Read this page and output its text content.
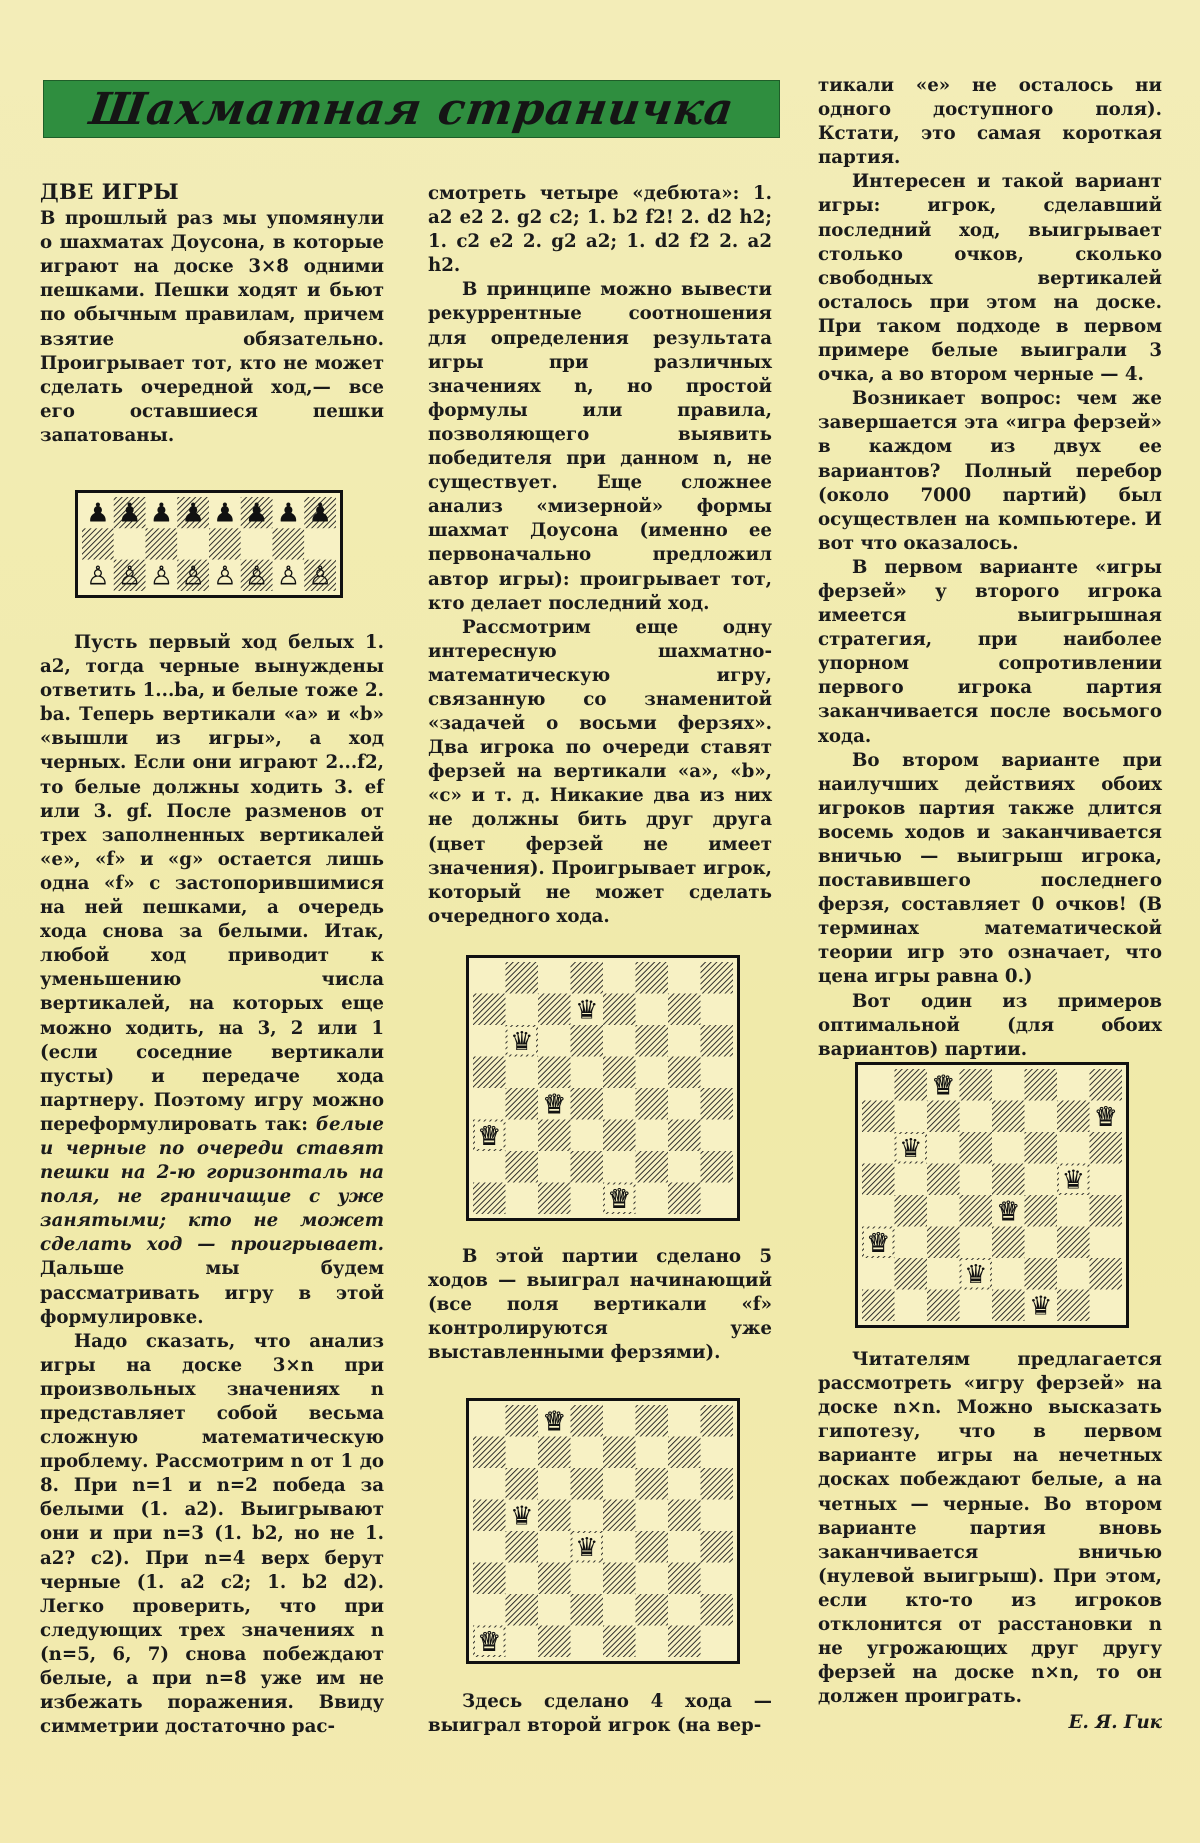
Шахматная страничка
ДВЕ ИГРЫ

В прошлый раз мы упомянули о шахматах Доусона, в которые играют на доске 3×8 одними пешками. Пешки ходят и бьют по обычным правилам, причем взятие обязательно. Проигрывает тот, кто не может сделать очередной ход,— все его оставшиеся пешки запатованы.

♟ ♟ ♟ ♟ ♟ ♟ ♟ ♟
♙ ♙ ♙ ♙ ♙ ♙ ♙ ♙

Пусть первый ход белых 1. a2, тогда черные вынуждены ответить 1...ba, и белые тоже 2. ba. Теперь вертикали «a» и «b» «вышли из игры», а ход черных. Если они играют 2...f2, то белые должны ходить 3. ef или 3. gf. После разменов от трех заполненных вертикалей «e», «f» и «g» остается лишь одна «f» с застопорившимися на ней пешками, а очередь хода снова за белыми. Итак, любой ход приводит к уменьшению числа вертикалей, на которых еще можно ходить, на 3, 2 или 1 (если соседние вертикали пусты) и передаче хода партнеру. Поэтому игру можно переформулировать так: белые и черные по очереди ставят пешки на 2-ю горизонталь на поля, не граничащие с уже занятыми; кто не может сделать ход — проигрывает. Дальше мы будем рассматривать игру в этой формулировке.

Надо сказать, что анализ игры на доске 3×n при произвольных значениях n представляет собой весьма сложную математическую проблему. Рассмотрим n от 1 до 8. При n=1 и n=2 победа за белыми (1. a2). Выигрывают они и при n=3 (1. b2, но не 1. a2? c2). При n=4 верх берут черные (1. a2 c2; 1. b2 d2). Легко проверить, что при следующих трех значениях n (n=5, 6, 7) снова побеждают белые, а при n=8 уже им не избежать поражения. Ввиду симметрии достаточно рас-

смотреть четыре «дебюта»: 1. a2 e2 2. g2 c2; 1. b2 f2! 2. d2 h2; 1. c2 e2 2. g2 a2; 1. d2 f2 2. a2 h2.

В принципе можно вывести рекуррентные соотношения для определения результата игры при различных значениях n, но простой формулы или правила, позволяющего выявить победителя при данном n, не существует. Еще сложнее анализ «мизерной» формы шахмат Доусона (именно ее первоначально предложил автор игры): проигрывает тот, кто делает последний ход.

Рассмотрим еще одну интересную шахматно-математическую игру, связанную со знаменитой «задачей о восьми ферзях». Два игрока по очереди ставят ферзей на вертикали «a», «b», «c» и т. д. Никакие два из них не должны бить друг друга (цвет ферзей не имеет значения). Проигрывает игрок, который не может сделать очередного хода.

♛
♛
♛
♛
♛

В этой партии сделано 5 ходов — выиграл начинающий (все поля вертикали «f» контролируются уже выставленными ферзями).

♛
♛
♛
♛

Здесь сделано 4 хода — выиграл второй игрок (на вер-

тикали «e» не осталось ни одного доступного поля). Кстати, это самая короткая партия.

Интересен и такой вариант игры: игрок, сделавший последний ход, выигрывает столько очков, сколько свободных вертикалей осталось при этом на доске. При таком подходе в первом примере белые выиграли 3 очка, а во втором черные — 4.

Возникает вопрос: чем же завершается эта «игра ферзей» в каждом из двух ее вариантов? Полный перебор (около 7000 партий) был осуществлен на компьютере. И вот что оказалось.

В первом варианте «игры ферзей» у второго игрока имеется выигрышная стратегия, при наиболее упорном сопротивлении первого игрока партия заканчивается после восьмого хода.

Во втором варианте при наилучших действиях обоих игроков партия также длится восемь ходов и заканчивается вничью — выигрыш игрока, поставившего последнего ферзя, составляет 0 очков! (В терминах математической теории игр это означает, что цена игры равна 0.)

Вот один из примеров оптимальной (для обоих вариантов) партии.

♛
♛
♛
♛
♛
♛
♛
♛

Читателям предлагается рассмотреть «игру ферзей» на доске n×n. Можно высказать гипотезу, что в первом варианте игры на нечетных досках побеждают белые, а на четных — черные. Во втором варианте партия вновь заканчивается вничью (нулевой выигрыш). При этом, если кто-то из игроков отклонится от расстановки n не угрожающих друг другу ферзей на доске n×n, то он должен проиграть.

Е. Я. Гик
